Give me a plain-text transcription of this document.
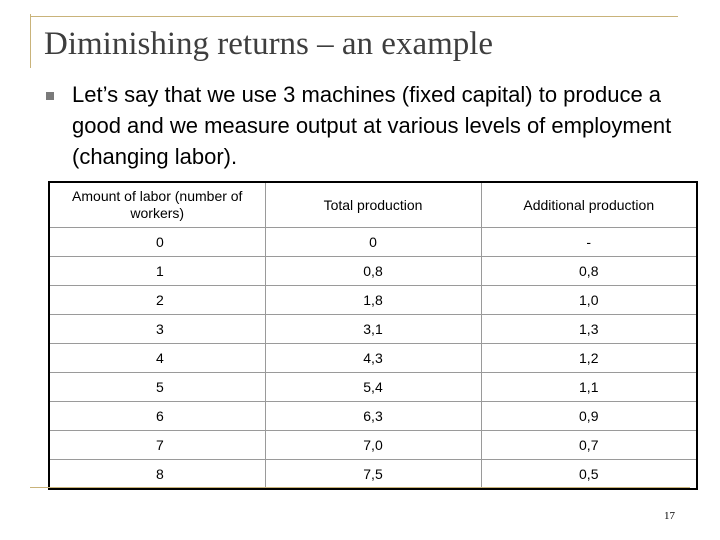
Diminishing returns – an example
Let’s say that we use 3 machines (fixed capital) to produce a good and we measure output at various levels of employment (changing labor).
Amount of labor (number of workers)	Total production	Additional production
0	0	-
1	0,8	0,8
2	1,8	1,0
3	3,1	1,3
4	4,3	1,2
5	5,4	1,1
6	6,3	0,9
7	7,0	0,7
8	7,5	0,5
17
